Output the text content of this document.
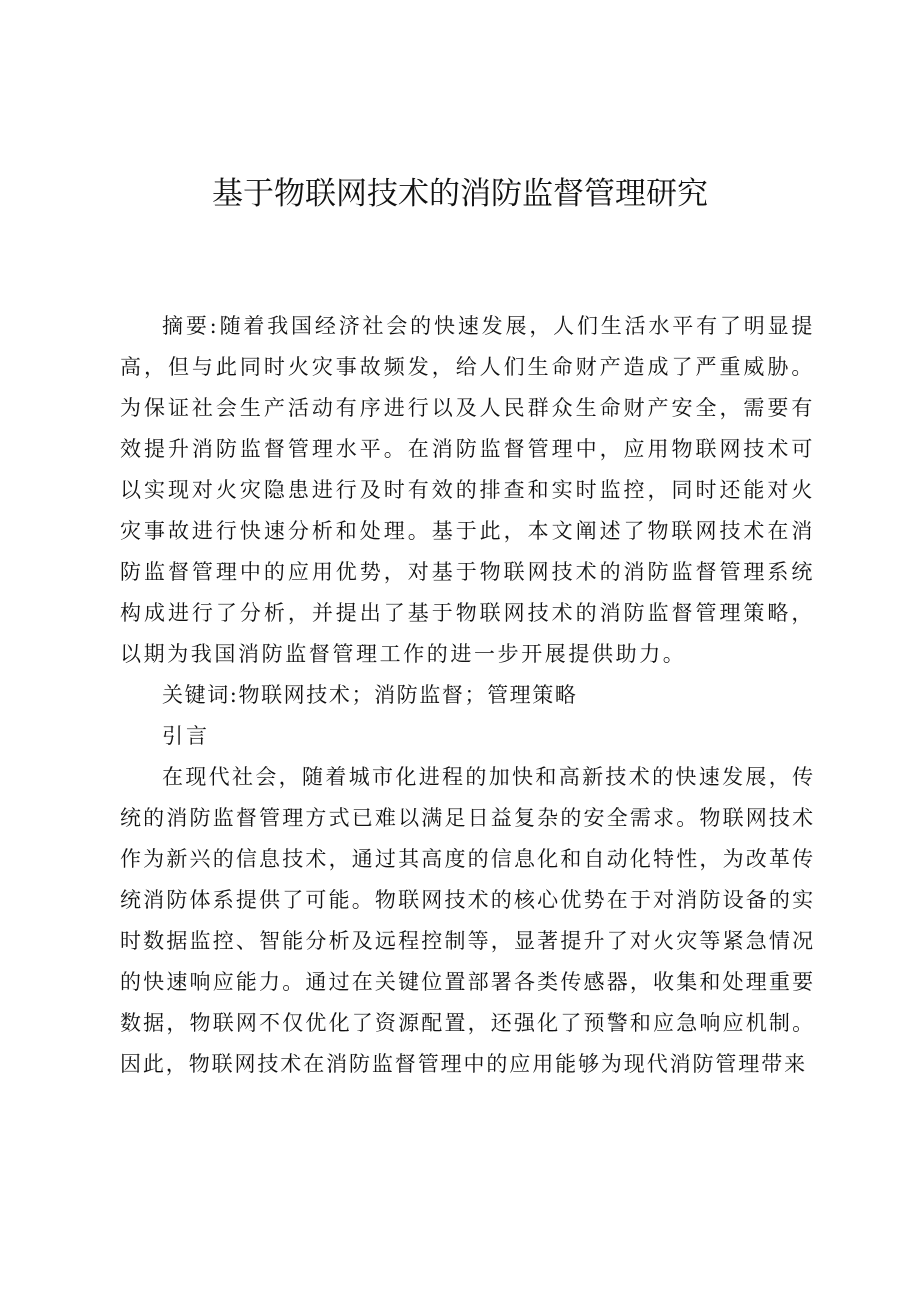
基于物联网技术的消防监督管理研究

摘要:随着我国经济社会的快速发展，人们生活水平有了明显提高，但与此同时火灾事故频发，给人们生命财产造成了严重威胁。为保证社会生产活动有序进行以及人民群众生命财产安全，需要有效提升消防监督管理水平。在消防监督管理中，应用物联网技术可以实现对火灾隐患进行及时有效的排查和实时监控，同时还能对火灾事故进行快速分析和处理。基于此，本文阐述了物联网技术在消防监督管理中的应用优势，对基于物联网技术的消防监督管理系统构成进行了分析，并提出了基于物联网技术的消防监督管理策略，以期为我国消防监督管理工作的进一步开展提供助力。

关键词:物联网技术；消防监督；管理策略

引言

在现代社会，随着城市化进程的加快和高新技术的快速发展，传统的消防监督管理方式已难以满足日益复杂的安全需求。物联网技术作为新兴的信息技术，通过其高度的信息化和自动化特性，为改革传统消防体系提供了可能。物联网技术的核心优势在于对消防设备的实时数据监控、智能分析及远程控制等，显著提升了对火灾等紧急情况的快速响应能力。通过在关键位置部署各类传感器，收集和处理重要数据，物联网不仅优化了资源配置，还强化了预警和应急响应机制。因此，物联网技术在消防监督管理中的应用能够为现代消防管理带来
